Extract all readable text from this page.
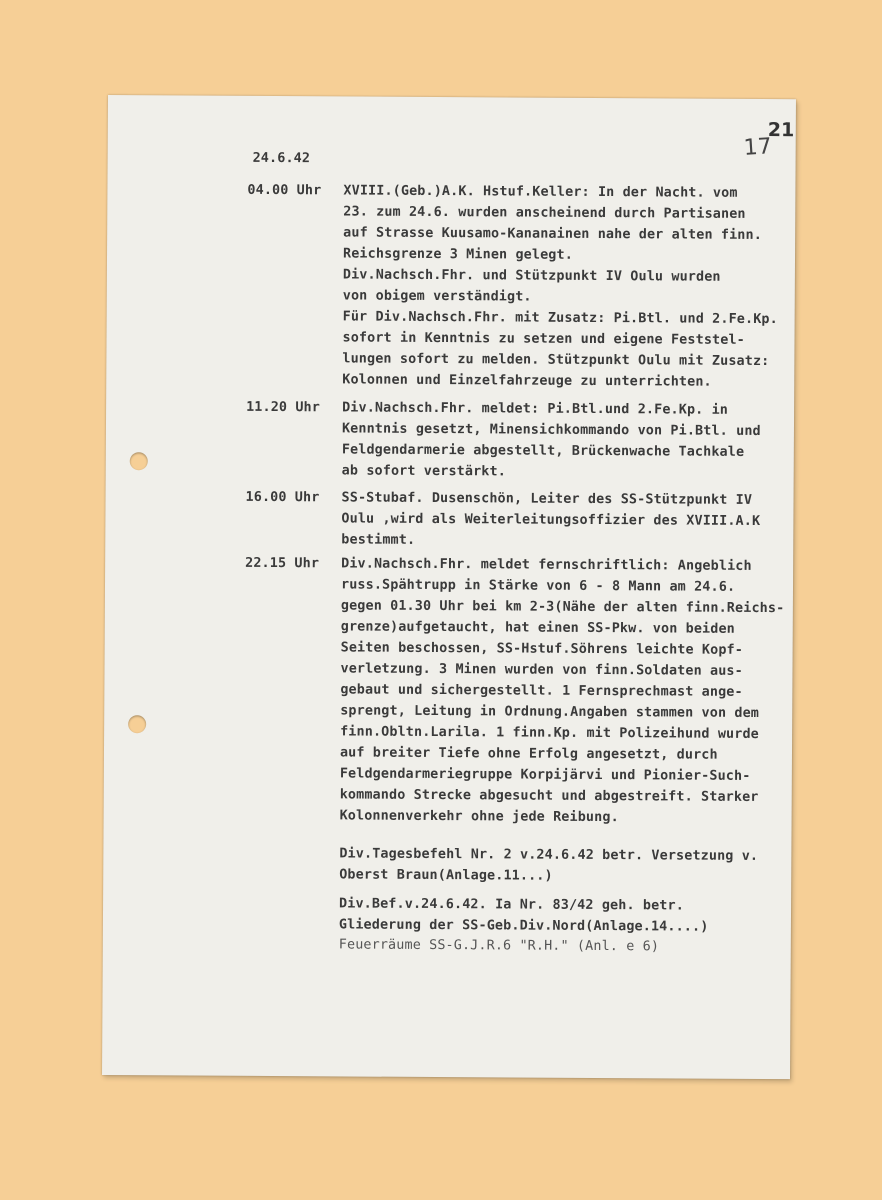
21
17
24.6.42
04.00 Uhr

XVIII.(Geb.)A.K. Hstuf.Keller: In der Nacht. vom

23. zum 24.6. wurden anscheinend durch Partisanen

auf Strasse Kuusamo-Kananainen nahe der alten finn.

Reichsgrenze 3 Minen gelegt.

Div.Nachsch.Fhr. und Stützpunkt IV Oulu wurden

von obigem verständigt.

Für Div.Nachsch.Fhr. mit Zusatz: Pi.Btl. und 2.Fe.Kp.

sofort in Kenntnis zu setzen und eigene Feststel-

lungen sofort zu melden. Stützpunkt Oulu mit Zusatz:

Kolonnen und Einzelfahrzeuge zu unterrichten.

11.20 Uhr

Div.Nachsch.Fhr. meldet: Pi.Btl.und 2.Fe.Kp. in

Kenntnis gesetzt, Minensichkommando von Pi.Btl. und

Feldgendarmerie abgestellt, Brückenwache Tachkale

ab sofort verstärkt.

16.00 Uhr

SS-Stubaf. Dusenschön, Leiter des SS-Stützpunkt IV

Oulu ,wird als Weiterleitungsoffizier des XVIII.A.K

bestimmt.

22.15 Uhr

Div.Nachsch.Fhr. meldet fernschriftlich: Angeblich

russ.Spähtrupp in Stärke von 6 - 8 Mann am 24.6.

gegen 01.30 Uhr bei km 2-3(Nähe der alten finn.Reichs-

grenze)aufgetaucht, hat einen SS-Pkw. von beiden

Seiten beschossen, SS-Hstuf.Söhrens leichte Kopf-

verletzung. 3 Minen wurden von finn.Soldaten aus-

gebaut und sichergestellt. 1 Fernsprechmast ange-

sprengt, Leitung in Ordnung.Angaben stammen von dem

finn.Obltn.Larila. 1 finn.Kp. mit Polizeihund wurde

auf breiter Tiefe ohne Erfolg angesetzt, durch

Feldgendarmeriegruppe Korpijärvi und Pionier-Such-

kommando Strecke abgesucht und abgestreift. Starker

Kolonnenverkehr ohne jede Reibung.

Div.Tagesbefehl Nr. 2 v.24.6.42 betr. Versetzung v.

Oberst Braun(Anlage.11...)

Div.Bef.v.24.6.42. Ia Nr. 83/42 geh. betr.

Gliederung der SS-Geb.Div.Nord(Anlage.14....)

Feuerräume SS-G.J.R.6 "R.H." (Anl. e 6)
